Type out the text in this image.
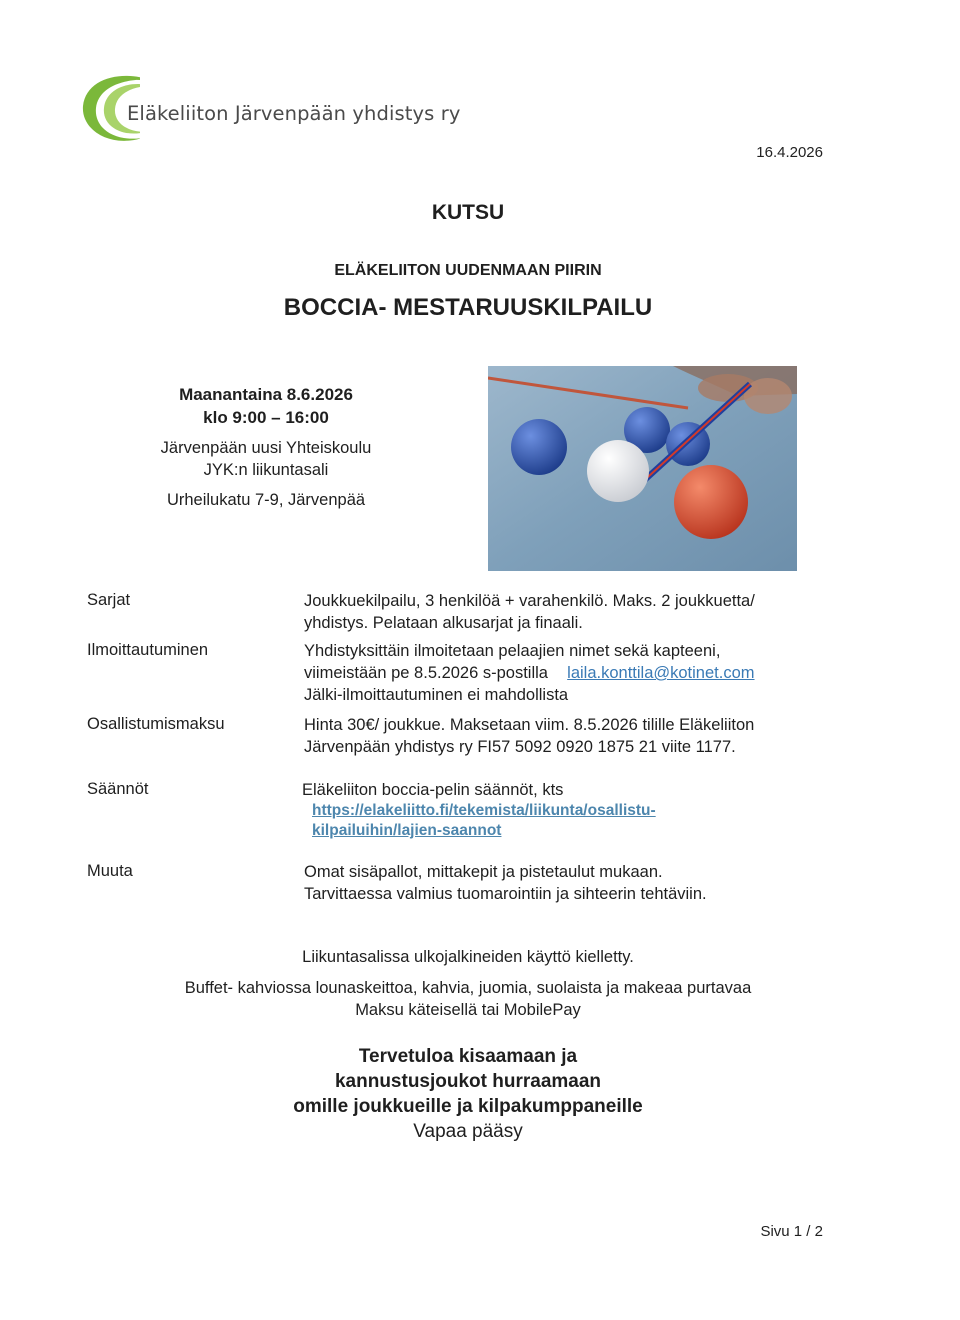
Eläkeliiton Järvenpään yhdistys ry
16.4.2026
KUTSU
ELÄKELIITON UUDENMAAN PIIRIN
BOCCIA- MESTARUUSKILPAILU
Maanantaina 8.6.2026
klo 9:00 – 16:00
Järvenpään uusi Yhteiskoulu
JYK:n liikuntasali
Urheilukatu 7-9, Järvenpää
Sarjat	Joukkuekilpailu, 3 henkilöä + varahenkilö. Maks. 2 joukkuetta/
yhdistys. Pelataan alkusarjat ja finaali.
Ilmoittautuminen	Yhdistyksittäin ilmoitetaan pelaajien nimet sekä kapteeni,
viimeistään pe 8.5.2026 s-postilla laila.konttila@kotinet.com
Jälki-ilmoittautuminen ei mahdollista
Osallistumismaksu	Hinta 30€/ joukkue. Maksetaan viim. 8.5.2026 tilille Eläkeliiton
Järvenpään yhdistys ry FI57 5092 0920 1875 21 viite 1177.
Säännöt	Eläkeliiton boccia-pelin säännöt, kts
https://elakeliitto.fi/tekemista/liikunta/osallistu-
kilpailuihin/lajien-saannot
Muuta	Omat sisäpallot, mittakepit ja pistetaulut mukaan.
Tarvittaessa valmius tuomarointiin ja sihteerin tehtäviin.
Liikuntasalissa ulkojalkineiden käyttö kielletty.
Buffet- kahviossa lounaskeittoa, kahvia, juomia, suolaista ja makeaa purtavaa
Maksu käteisellä tai MobilePay
Tervetuloa kisaamaan ja
kannustusjoukot hurraamaan
omille joukkueille ja kilpakumppaneille
Vapaa pääsy
Sivu 1 / 2
